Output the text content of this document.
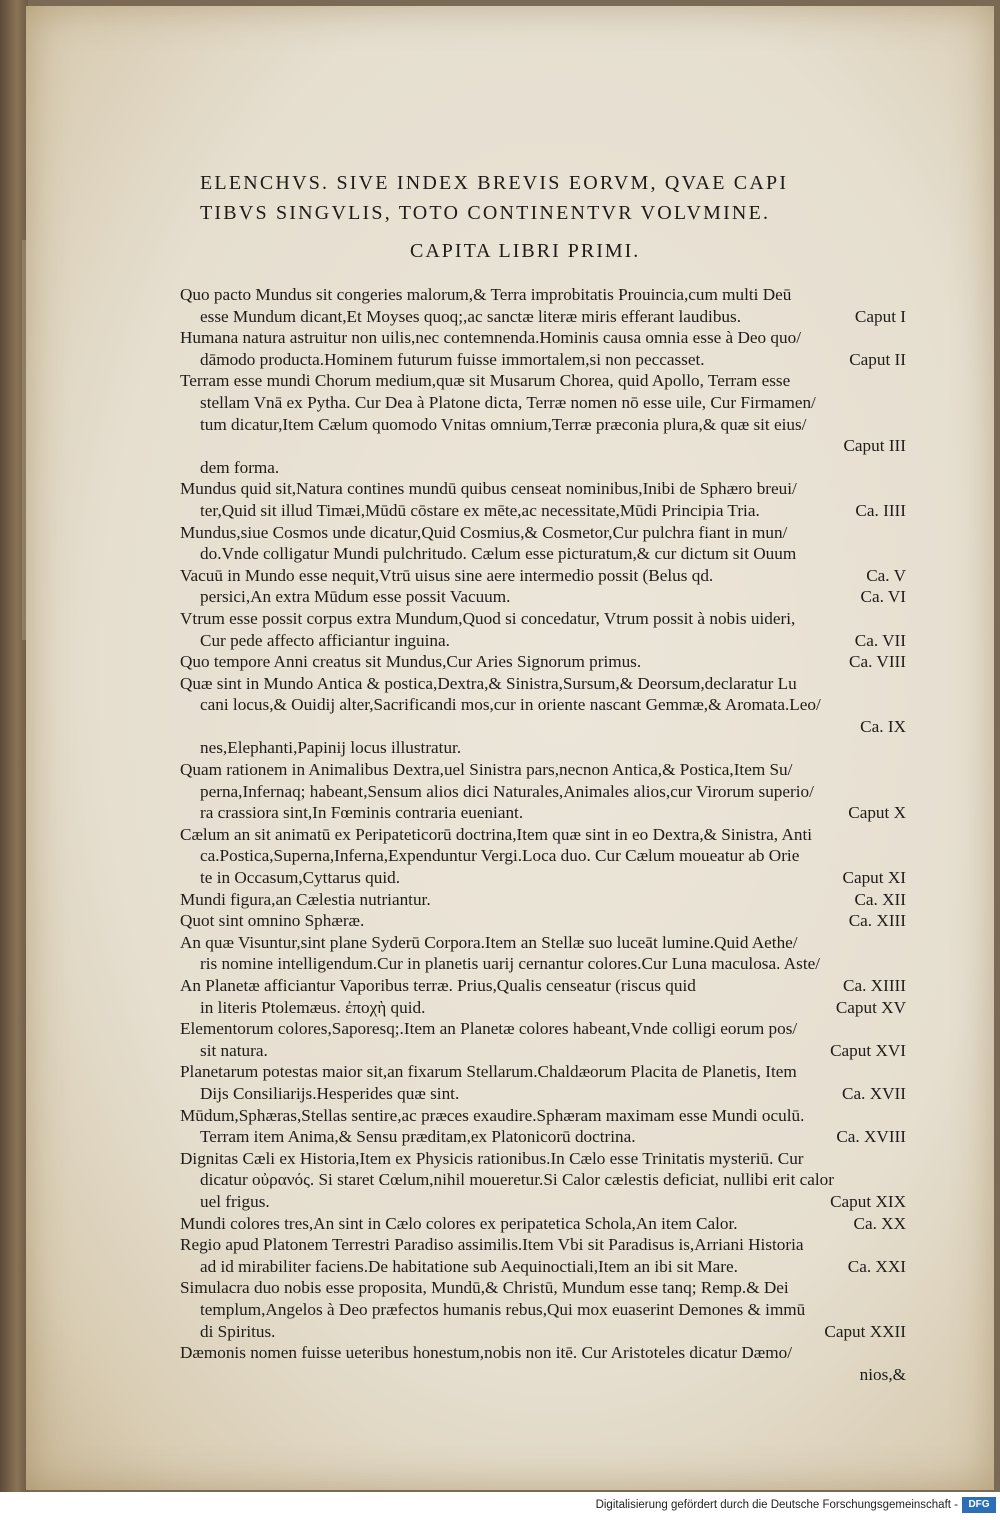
ELENCHVS. SIVE INDEX BREVIS EORVM, QVAE CAPI
TIBVS SINGVLIS, TOTO CONTINENTVR VOLVMINE.
CAPITA LIBRI PRIMI.
Quo pacto Mundus sit congeries malorum,& Terra improbitatis Prouincia,cum multi Deū
esse Mundum dicant,Et Moyses quoq;,ac sanctæ literæ miris efferant laudibus.	Caput I
Humana natura astruitur non uilis,nec contemnenda.Hominis causa omnia esse à Deo quo/
dāmodo producta.Hominem futurum fuisse immortalem,si non peccasset.	Caput II
Terram esse mundi Chorum medium,quæ sit Musarum Chorea, quid Apollo, Terram esse
stellam Vnā ex Pytha. Cur Dea à Platone dicta, Terræ nomen nō esse uile, Cur Firmamen/
tum dicatur,Item Cælum quomodo Vnitas omnium,Terræ præconia plura,& quæ sit eius/
Caput III
dem forma.
Mundus quid sit,Natura contines mundū quibus censeat nominibus,Inibi de Sphæro breui/
ter,Quid sit illud Timæi,Mūdū cōstare ex mēte,ac necessitate,Mūdi Principia Tria.	Ca. IIII
Mundus,siue Cosmos unde dicatur,Quid Cosmius,& Cosmetor,Cur pulchra fiant in mun/
do.Vnde colligatur Mundi pulchritudo. Cælum esse picturatum,& cur dictum sit Ouum
Vacuū in Mundo esse nequit,Vtrū uisus sine aere intermedio possit (Belus qd.	Ca. V
persici,An extra Mūdum esse possit Vacuum.	Ca. VI
Vtrum esse possit corpus extra Mundum,Quod si concedatur, Vtrum possit à nobis uideri,
Cur pede affecto afficiantur inguina.	Ca. VII
Quo tempore Anni creatus sit Mundus,Cur Aries Signorum primus.	Ca. VIII
Quæ sint in Mundo Antica & postica,Dextra,& Sinistra,Sursum,& Deorsum,declaratur Lu
cani locus,& Ouidij alter,Sacrificandi mos,cur in oriente nascant Gemmæ,& Aromata.Leo/
Ca. IX
nes,Elephanti,Papinij locus illustratur.
Quam rationem in Animalibus Dextra,uel Sinistra pars,necnon Antica,& Postica,Item Su/
perna,Infernaq; habeant,Sensum alios dici Naturales,Animales alios,cur Virorum superio/
ra crassiora sint,In Fœminis contraria eueniant.	Caput X
Cælum an sit animatū ex Peripateticorū doctrina,Item quæ sint in eo Dextra,& Sinistra, Anti
ca.Postica,Superna,Inferna,Expenduntur Vergi.Loca duo. Cur Cælum moueatur ab Orie
te in Occasum,Cyttarus quid.	Caput XI
Mundi figura,an Cælestia nutriantur.	Ca. XII
Quot sint omnino Sphæræ.	Ca. XIII
An quæ Visuntur,sint plane Syderū Corpora.Item an Stellæ suo luceāt lumine.Quid Aethe/
ris nomine intelligendum.Cur in planetis uarij cernantur colores.Cur Luna maculosa. Aste/
An Planetæ afficiantur Vaporibus terræ. Prius,Qualis censeatur (riscus quid	Ca. XIIII
in literis Ptolemæus. ἐποχὴ quid.	Caput XV
Elementorum colores,Saporesq;.Item an Planetæ colores habeant,Vnde colligi eorum pos/
sit natura.	Caput XVI
Planetarum potestas maior sit,an fixarum Stellarum.Chaldæorum Placita de Planetis, Item
Dijs Consiliarijs.Hesperides quæ sint.	Ca. XVII
Mūdum,Sphæras,Stellas sentire,ac præces exaudire.Sphæram maximam esse Mundi oculū.
Terram item Anima,& Sensu præditam,ex Platonicorū doctrina.	Ca. XVIII
Dignitas Cæli ex Historia,Item ex Physicis rationibus.In Cælo esse Trinitatis mysteriū. Cur
dicatur οὐρανός. Si staret Cœlum,nihil moueretur.Si Calor cælestis deficiat, nullibi erit calor
uel frigus.	Caput XIX
Mundi colores tres,An sint in Cælo colores ex peripatetica Schola,An item Calor.	Ca. XX
Regio apud Platonem Terrestri Paradiso assimilis.Item Vbi sit Paradisus is,Arriani Historia
ad id mirabiliter faciens.De habitatione sub Aequinoctiali,Item an ibi sit Mare.	Ca. XXI
Simulacra duo nobis esse proposita, Mundū,& Christū, Mundum esse tanq; Remp.& Dei
templum,Angelos à Deo præfectos humanis rebus,Qui mox euaserint Demones & immū
di Spiritus.	Caput XXII
Dæmonis nomen fuisse ueteribus honestum,nobis non itē. Cur Aristoteles dicatur Dæmo/
nios,&
Digitalisierung gefördert durch die Deutsche Forschungsgemeinschaft -	DFG
